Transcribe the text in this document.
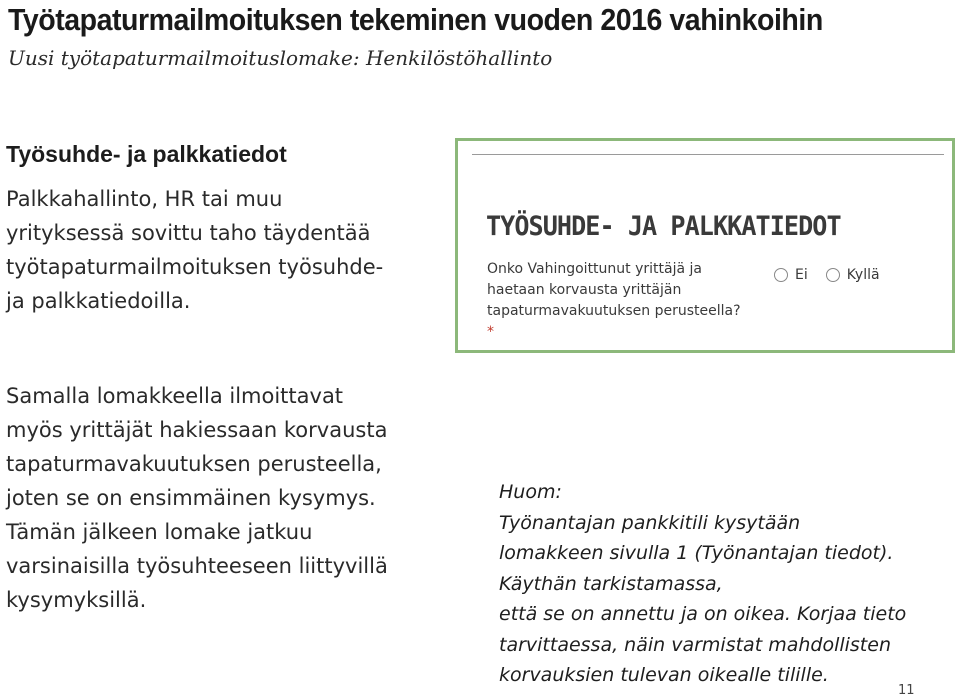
Työtapaturmailmoituksen tekeminen vuoden 2016 vahinkoihin
Uusi työtapaturmailmoituslomake: Henkilöstöhallinto
Työsuhde- ja palkkatiedot
Palkkahallinto, HR tai muu
yrityksessä sovittu taho täydentää
työtapaturmailmoituksen työsuhde-
ja palkkatiedoilla.
Samalla lomakkeella ilmoittavat
myös yrittäjät hakiessaan korvausta
tapaturmavakuutuksen perusteella,
joten se on ensimmäinen kysymys.
Tämän jälkeen lomake jatkuu
varsinaisilla työsuhteeseen liittyvillä
kysymyksillä.
TYÖSUHDE- JA PALKKATIEDOT
Onko Vahingoittunut yrittäjä ja
haetaan korvausta yrittäjän
tapaturmavakuutuksen perusteella?
*
Ei	Kyllä
Huom:
Työnantajan pankkitili kysytään
lomakkeen sivulla 1 (Työnantajan tiedot).
Käythän tarkistamassa,
että se on annettu ja on oikea. Korjaa tieto
tarvittaessa, näin varmistat mahdollisten
korvauksien tulevan oikealle tilille.
11
